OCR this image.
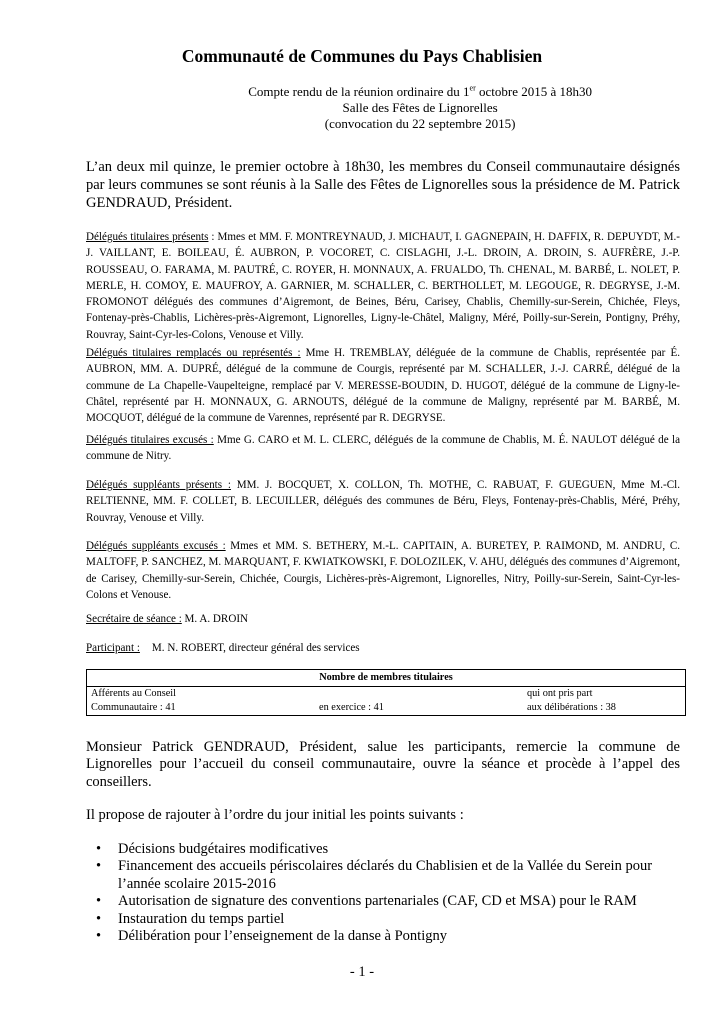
Communauté de Communes du Pays Chablisien
Compte rendu de la réunion ordinaire du 1er octobre 2015 à 18h30
Salle des Fêtes de Lignorelles
(convocation du 22 septembre 2015)
L’an deux mil quinze, le premier octobre à 18h30, les membres du Conseil communautaire désignés par leurs communes se sont réunis à la Salle des Fêtes de Lignorelles sous la présidence de M. Patrick GENDRAUD, Président.
Délégués titulaires présents : Mmes et MM. F. MONTREYNAUD, J. MICHAUT, I. GAGNEPAIN, H. DAFFIX, R. DEPUYDT, M.-J. VAILLANT, E. BOILEAU, É. AUBRON, P. VOCORET, C. CISLAGHI, J.-L. DROIN, A. DROIN, S. AUFRÈRE, J.-P. ROUSSEAU, O. FARAMA, M. PAUTRÉ, C. ROYER, H. MONNAUX, A. FRUALDO, Th. CHENAL, M. BARBÉ, L. NOLET, P. MERLE, H. COMOY, E. MAUFROY, A. GARNIER, M. SCHALLER, C. BERTHOLLET, M. LEGOUGE, R. DEGRYSE, J.-M. FROMONOT délégués des communes d’Aigremont, de Beines, Béru, Carisey, Chablis, Chemilly-sur-Serein, Chichée, Fleys, Fontenay-près-Chablis, Lichères-près-Aigremont, Lignorelles, Ligny-le-Châtel, Maligny, Méré, Poilly-sur-Serein, Pontigny, Préhy, Rouvray, Saint-Cyr-les-Colons, Venouse et Villy.
Délégués titulaires remplacés ou représentés : Mme H. TREMBLAY, déléguée de la commune de Chablis, représentée par É. AUBRON, MM. A. DUPRÉ, délégué de la commune de Courgis, représenté par M. SCHALLER, J.-J. CARRÉ, délégué de la commune de La Chapelle-Vaupelteigne, remplacé par V. MERESSE-BOUDIN, D. HUGOT, délégué de la commune de Ligny-le-Châtel, représenté par H. MONNAUX, G. ARNOUTS, délégué de la commune de Maligny, représenté par M. BARBÉ, M. MOCQUOT, délégué de la commune de Varennes, représenté par R. DEGRYSE.
Délégués titulaires excusés : Mme G. CARO et M. L. CLERC, délégués de la commune de Chablis, M. É. NAULOT délégué de la commune de Nitry.
Délégués suppléants présents : MM. J. BOCQUET, X. COLLON, Th. MOTHE, C. RABUAT, F. GUEGUEN, Mme M.-Cl. RELTIENNE, MM. F. COLLET, B. LECUILLER, délégués des communes de Béru, Fleys, Fontenay-près-Chablis, Méré, Préhy, Rouvray, Venouse et Villy.
Délégués suppléants excusés : Mmes et MM. S. BETHERY, M.-L. CAPITAIN, A. BURETEY, P. RAIMOND, M. ANDRU, C. MALTOFF, P. SANCHEZ, M. MARQUANT, F. KWIATKOWSKI, F. DOLOZILEK, V. AHU, délégués des communes d’Aigremont, de Carisey, Chemilly-sur-Serein, Chichée, Courgis, Lichères-près-Aigremont, Lignorelles, Nitry, Poilly-sur-Serein, Saint-Cyr-les-Colons et Venouse.
Secrétaire de séance : M. A. DROIN
Participant : M. N. ROBERT, directeur général des services
Nombre de membres titulaires		
Afférents au Conseil		qui ont pris part
Communautaire : 41	en exercice : 41	aux délibérations : 38
Monsieur Patrick GENDRAUD, Président, salue les participants, remercie la commune de Lignorelles pour l’accueil du conseil communautaire, ouvre la séance et procède à l’appel des conseillers.
Il propose de rajouter à l’ordre du jour initial les points suivants :
• Décisions budgétaires modificatives
• Financement des accueils périscolaires déclarés du Chablisien et de la Vallée du Serein pour l’année scolaire 2015-2016
• Autorisation de signature des conventions partenariales (CAF, CD et MSA) pour le RAM
• Instauration du temps partiel
• Délibération pour l’enseignement de la danse à Pontigny
- 1 -
